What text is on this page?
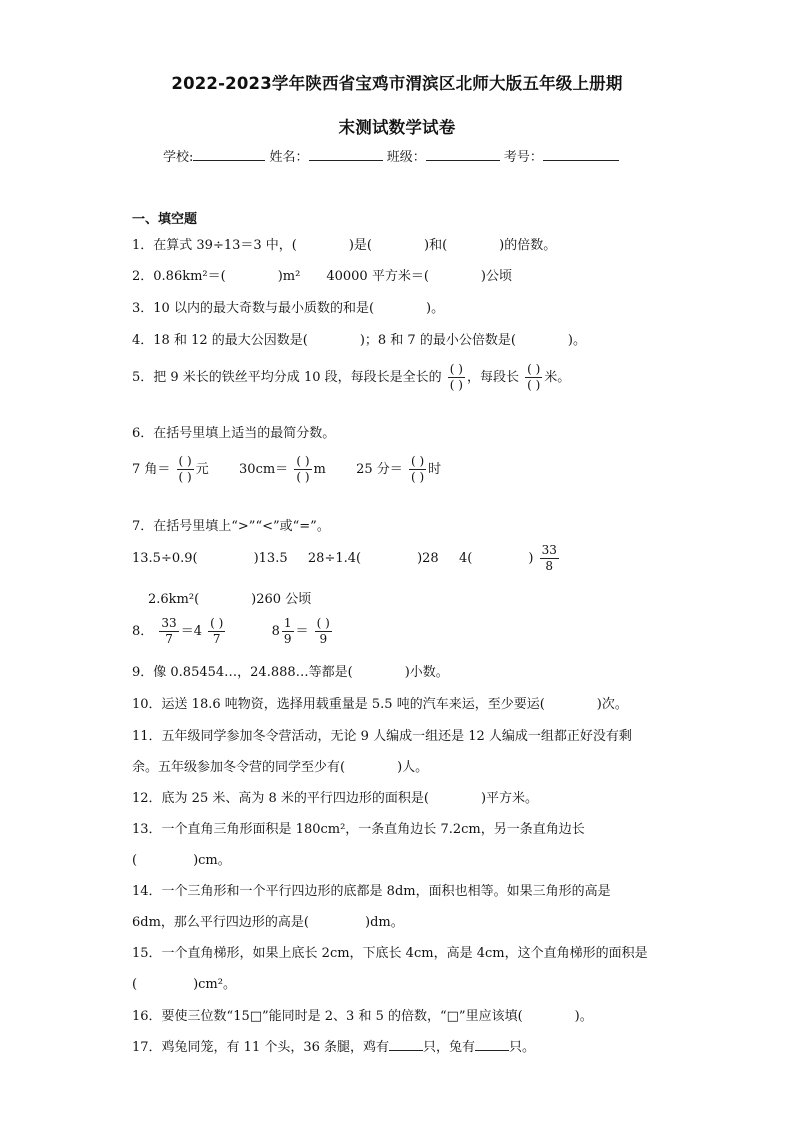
2022-2023学年陕西省宝鸡市渭滨区北师大版五年级上册期
末测试数学试卷
学校:	姓名：	班级：	考号：
一、填空题
1．在算式 39÷13＝3 中，(	)是(	)和(	)的倍数。
2．0.86km²＝(	)m² 40000 平方米＝(	)公顷
3．10 以内的最大奇数与最小质数的和是(	)。
4．18 和 12 的最大公因数是(	)；8 和 7 的最小公倍数是(	)。
5．把 9 米长的铁丝平均分成 10 段，每段长是全长的 $\frac{( )}{( )}$ ，每段长 $\frac{( )}{( )}$ 米。
6．在括号里填上适当的最简分数。
7 角＝ $\frac{( )}{( )}$ 元 $30cm= \frac{( )}{( )}$ m 25 分＝ $\frac{( )}{( )}$ 时
7．在括号里填上“>”“<”或“=”。
13.5÷0.9(	)13.5 28÷1.4(	)28 4(	) $\frac{33}{8}$
2.6km²(	)260 公顷
8． $\frac{33}{7} =4 \frac{( )}{7}$	$8 \frac{1}{9} = \frac{( )}{9}$
9．像 0.85454…，24.888…等都是(	)小数。
10．运送 18.6 吨物资，选择用载重量是 5.5 吨的汽车来运，至少要运(	)次。
11．五年级同学参加冬令营活动，无论 9 人编成一组还是 12 人编成一组都正好没有剩
余。五年级参加冬令营的同学至少有(	)人。
12．底为 25 米、高为 8 米的平行四边形的面积是(	)平方米。
13．一个直角三角形面积是 180cm²，一条直角边长 7.2cm，另一条直角边长
(	)cm。
14．一个三角形和一个平行四边形的底都是 8dm，面积也相等。如果三角形的高是
6dm，那么平行四边形的高是(	)dm。
15．一个直角梯形，如果上底长 2cm，下底长 4cm，高是 4cm，这个直角梯形的面积是
(	)cm²。
16．要使三位数“15□”能同时是 2、3 和 5 的倍数，“□”里应该填(	)。
17．鸡兔同笼，有 11 个头，36 条腿，鸡有	只，兔有	只。
